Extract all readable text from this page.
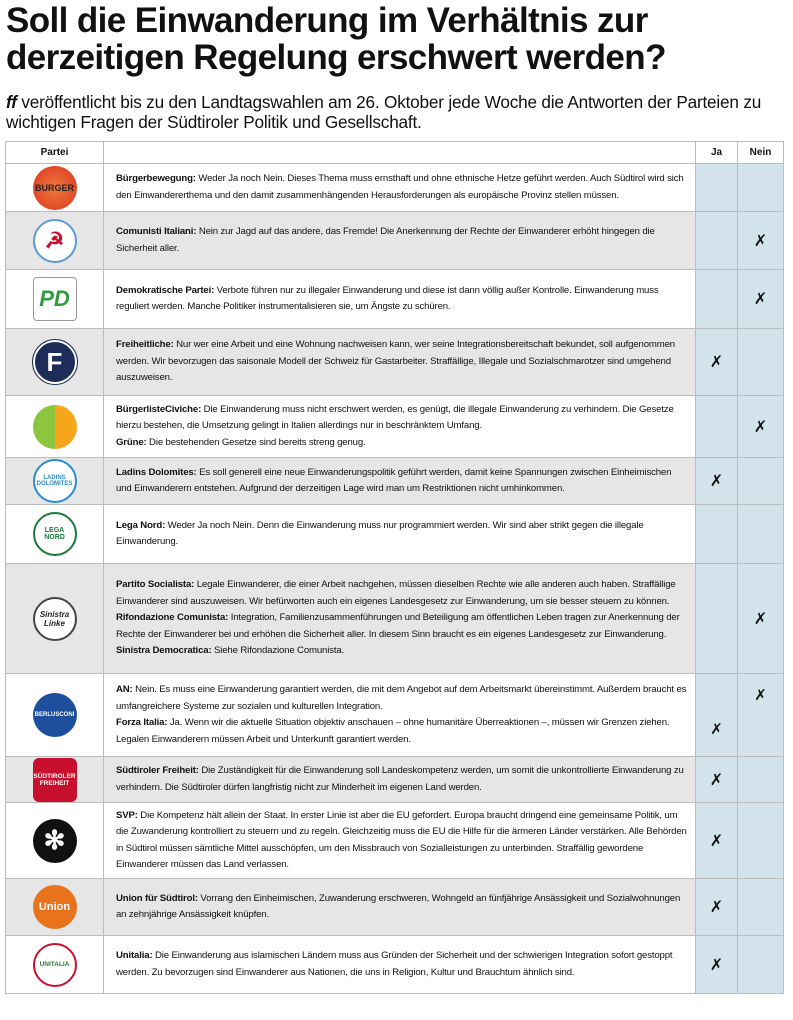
Soll die Einwanderung im Verhältnis zur derzeitigen Regelung erschwert werden?

ff veröffentlicht bis zu den Landtagswahlen am 26. Oktober jede Woche die Antworten der Parteien zu wichtigen Fragen der Südtiroler Politik und Gesellschaft.

Partei		Ja	Nein

BURGER	Bürgerbewegung: Weder Ja noch Nein. Dieses Thema muss ernsthaft und ohne ethnische Hetze geführt werden. Auch Südtirol wird sich den Einwandererthema und den damit zusammenhängenden Herausforderungen als europäische Provinz stellen müssen.		

☭	Comunisti Italiani: Nein zur Jagd auf das andere, das Fremde! Die Anerkennung der Rechte der Einwanderer erhöht hingegen die Sicherheit aller.		✗

PD	Demokratische Partei: Verbote führen nur zu illegaler Einwanderung und diese ist dann völlig außer Kontrolle. Einwanderung muss reguliert werden. Manche Politiker instrumentalisieren sie, um Ängste zu schüren.		✗

F	Freiheitliche: Nur wer eine Arbeit und eine Wohnung nachweisen kann, wer seine Integrationsbereitschaft bekundet, soll aufgenommen werden. Wir bevorzugen das saisonale Modell der Schweiz für Gastarbeiter. Straffällige, Illegale und Sozialschmarotzer sind umgehend auszuweisen.	✗	

	BürgerlisteCiviche: Die Einwanderung muss nicht erschwert werden, es genügt, die illegale Einwanderung zu verhindern. Die Gesetze hierzu bestehen, die Umsetzung gelingt in Italien allerdings nur in beschränktem Umfang.

Grüne: Die bestehenden Gesetze sind bereits streng genug.		✗

LADINS DOLOMITES	Ladins Dolomites: Es soll generell eine neue Einwanderungspolitik geführt werden, damit keine Spannungen zwischen Einheimischen und Einwanderern entstehen. Aufgrund der derzeitigen Lage wird man um Restriktionen nicht umhinkommen.	✗	

LEGA NORD	Lega Nord: Weder Ja noch Nein. Denn die Einwanderung muss nur programmiert werden. Wir sind aber strikt gegen die illegale Einwanderung.		

Sinistra Linke	Partito Socialista: Legale Einwanderer, die einer Arbeit nachgehen, müssen dieselben Rechte wie alle anderen auch haben. Straffällige Einwanderer sind auszuweisen. Wir befürworten auch ein eigenes Landesgesetz zur Einwanderung, um sie besser steuern zu können.

Rifondazione Comunista: Integration, Familienzusammenführungen und Beteiligung am öffentlichen Leben tragen zur Anerkennung der Rechte der Einwanderer bei und erhöhen die Sicherheit aller. In diesem Sinn braucht es ein eigenes Landesgesetz zur Einwanderung.

Sinistra Democratica: Siehe Rifondazione Comunista.		✗

BERLUSCONI	AN: Nein. Es muss eine Einwanderung garantiert werden, die mit dem Angebot auf dem Arbeitsmarkt übereinstimmt. Außerdem braucht es umfangreichere Systeme zur sozialen und kulturellen Integration.

Forza Italia: Ja. Wenn wir die aktuelle Situation objektiv anschauen – ohne humanitäre Überreaktionen –, müssen wir Grenzen ziehen. Legalen Einwanderern müssen Arbeit und Unterkunft garantiert werden.	✗	✗

SÜDTIROLER FREIHEIT	Südtiroler Freiheit: Die Zuständigkeit für die Einwanderung soll Landeskompetenz werden, um somit die unkontrollierte Einwanderung zu verhindern. Die Südtiroler dürfen langfristig nicht zur Minderheit im eigenen Land werden.	✗	

✻	SVP: Die Kompetenz hält allein der Staat. In erster Linie ist aber die EU gefordert. Europa braucht dringend eine gemeinsame Politik, um die Zuwanderung kontrolliert zu steuern und zu regeln. Gleichzeitig muss die EU die Hilfe für die ärmeren Länder verstärken. Alle Behörden in Südtirol müssen sämtliche Mittel ausschöpfen, um den Missbrauch von Sozialleistungen zu unterbinden. Straffällig gewordene Einwanderer müssen das Land verlassen.	✗	

Union	Union für Südtirol: Vorrang den Einheimischen, Zuwanderung erschweren, Wohngeld an fünfjährige Ansässigkeit und Sozialwohnungen an zehnjährige Ansässigkeit knüpfen.	✗	

UNITALIA	Unitalia: Die Einwanderung aus islamischen Ländern muss aus Gründen der Sicherheit und der schwierigen Integration sofort gestoppt werden. Zu bevorzugen sind Einwanderer aus Nationen, die uns in Religion, Kultur und Brauchtum ähnlich sind.	✗	
